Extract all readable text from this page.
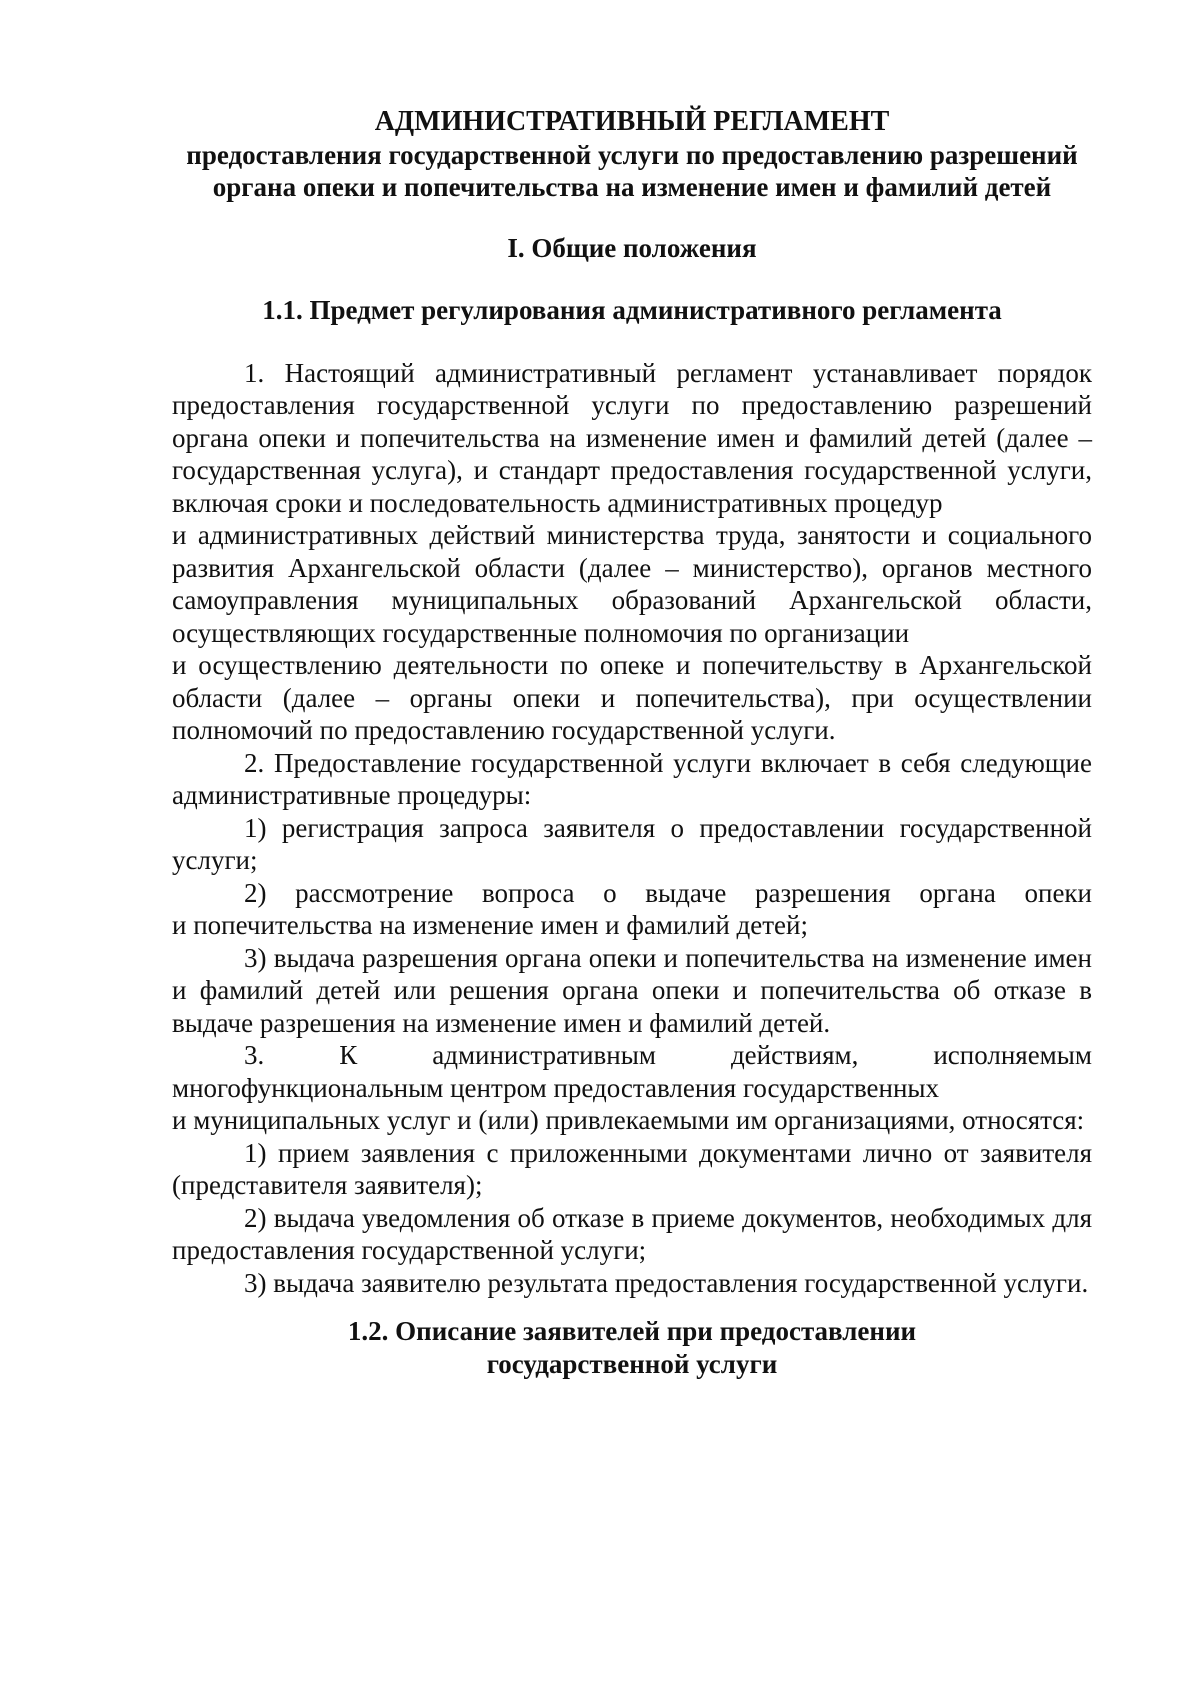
АДМИНИСТРАТИВНЫЙ РЕГЛАМЕНТ
предоставления государственной услуги по предоставлению разрешений
органа опеки и попечительства на изменение имен и фамилий детей
I. Общие положения
1.1. Предмет регулирования административного регламента

1. Настоящий административный регламент устанавливает порядок предоставления государственной услуги по предоставлению разрешений органа опеки и попечительства на изменение имен и фамилий детей (далее – государственная услуга), и стандарт предоставления государственной услуги, включая сроки и последовательность административных процедур

и административных действий министерства труда, занятости и социального развития Архангельской области (далее – министерство), органов местного самоуправления муниципальных образований Архангельской области, осуществляющих государственные полномочия по организации

и осуществлению деятельности по опеке и попечительству в Архангельской области (далее – органы опеки и попечительства), при осуществлении полномочий по предоставлению государственной услуги.

2. Предоставление государственной услуги включает в себя следующие административные процедуры:

1) регистрация запроса заявителя о предоставлении государственной услуги;

2) рассмотрение вопроса о выдаче разрешения органа опеки

и попечительства на изменение имен и фамилий детей;

3) выдача разрешения органа опеки и попечительства на изменение имен и фамилий детей или решения органа опеки и попечительства об отказе в выдаче разрешения на изменение имен и фамилий детей.

3. К административным действиям, исполняемым многофункциональным центром предоставления государственных

и муниципальных услуг и (или) привлекаемыми им организациями, относятся:

1) прием заявления с приложенными документами лично от заявителя (представителя заявителя);

2) выдача уведомления об отказе в приеме документов, необходимых для предоставления государственной услуги;

3) выдача заявителю результата предоставления государственной услуги.

1.2. Описание заявителей при предоставлении
государственной услуги
